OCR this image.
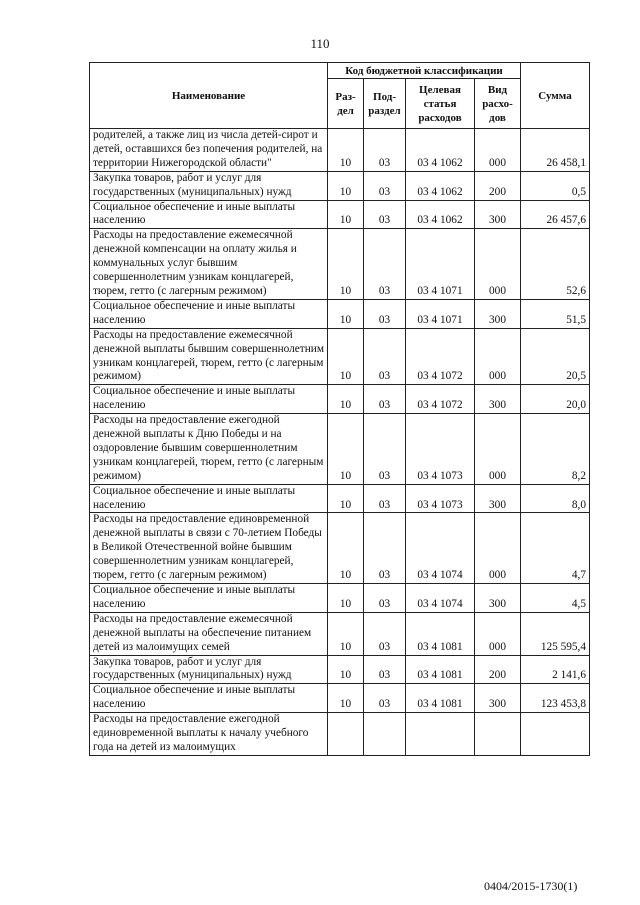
110
Наименование	Код бюджетной классификации				Сумма
	Раз-дел	Под-раздел	Целевая статья расходов	Вид расхо-дов	
родителей, а также лиц из числа детей-сирот и детей, оставшихся без попечения родителей, на территории Нижегородской области"	10	03	03 4 1062	000	26 458,1
Закупка товаров, работ и услуг для государственных (муниципальных) нужд	10	03	03 4 1062	200	0,5
Социальное обеспечение и иные выплаты населению	10	03	03 4 1062	300	26 457,6
Расходы на предоставление ежемесячной денежной компенсации на оплату жилья и коммунальных услуг бывшим совершеннолетним узникам концлагерей, тюрем, гетто (с лагерным режимом)	10	03	03 4 1071	000	52,6
Социальное обеспечение и иные выплаты населению	10	03	03 4 1071	300	51,5
Расходы на предоставление ежемесячной денежной выплаты бывшим совершеннолетним узникам концлагерей, тюрем, гетто (с лагерным режимом)	10	03	03 4 1072	000	20,5
Социальное обеспечение и иные выплаты населению	10	03	03 4 1072	300	20,0
Расходы на предоставление ежегодной денежной выплаты к Дню Победы и на оздоровление бывшим совершеннолетним узникам концлагерей, тюрем, гетто (с лагерным режимом)	10	03	03 4 1073	000	8,2
Социальное обеспечение и иные выплаты населению	10	03	03 4 1073	300	8,0
Расходы на предоставление единовременной денежной выплаты в связи с 70-летием Победы в Великой Отечественной войне бывшим совершеннолетним узникам концлагерей, тюрем, гетто (с лагерным режимом)	10	03	03 4 1074	000	4,7
Социальное обеспечение и иные выплаты населению	10	03	03 4 1074	300	4,5
Расходы на предоставление ежемесячной денежной выплаты на обеспечение питанием детей из малоимущих семей	10	03	03 4 1081	000	125 595,4
Закупка товаров, работ и услуг для государственных (муниципальных) нужд	10	03	03 4 1081	200	2 141,6
Социальное обеспечение и иные выплаты населению	10	03	03 4 1081	300	123 453,8
Расходы на предоставление ежегодной единовременной выплаты к началу учебного года на детей из малоимущих					
0404/2015-1730(1)
